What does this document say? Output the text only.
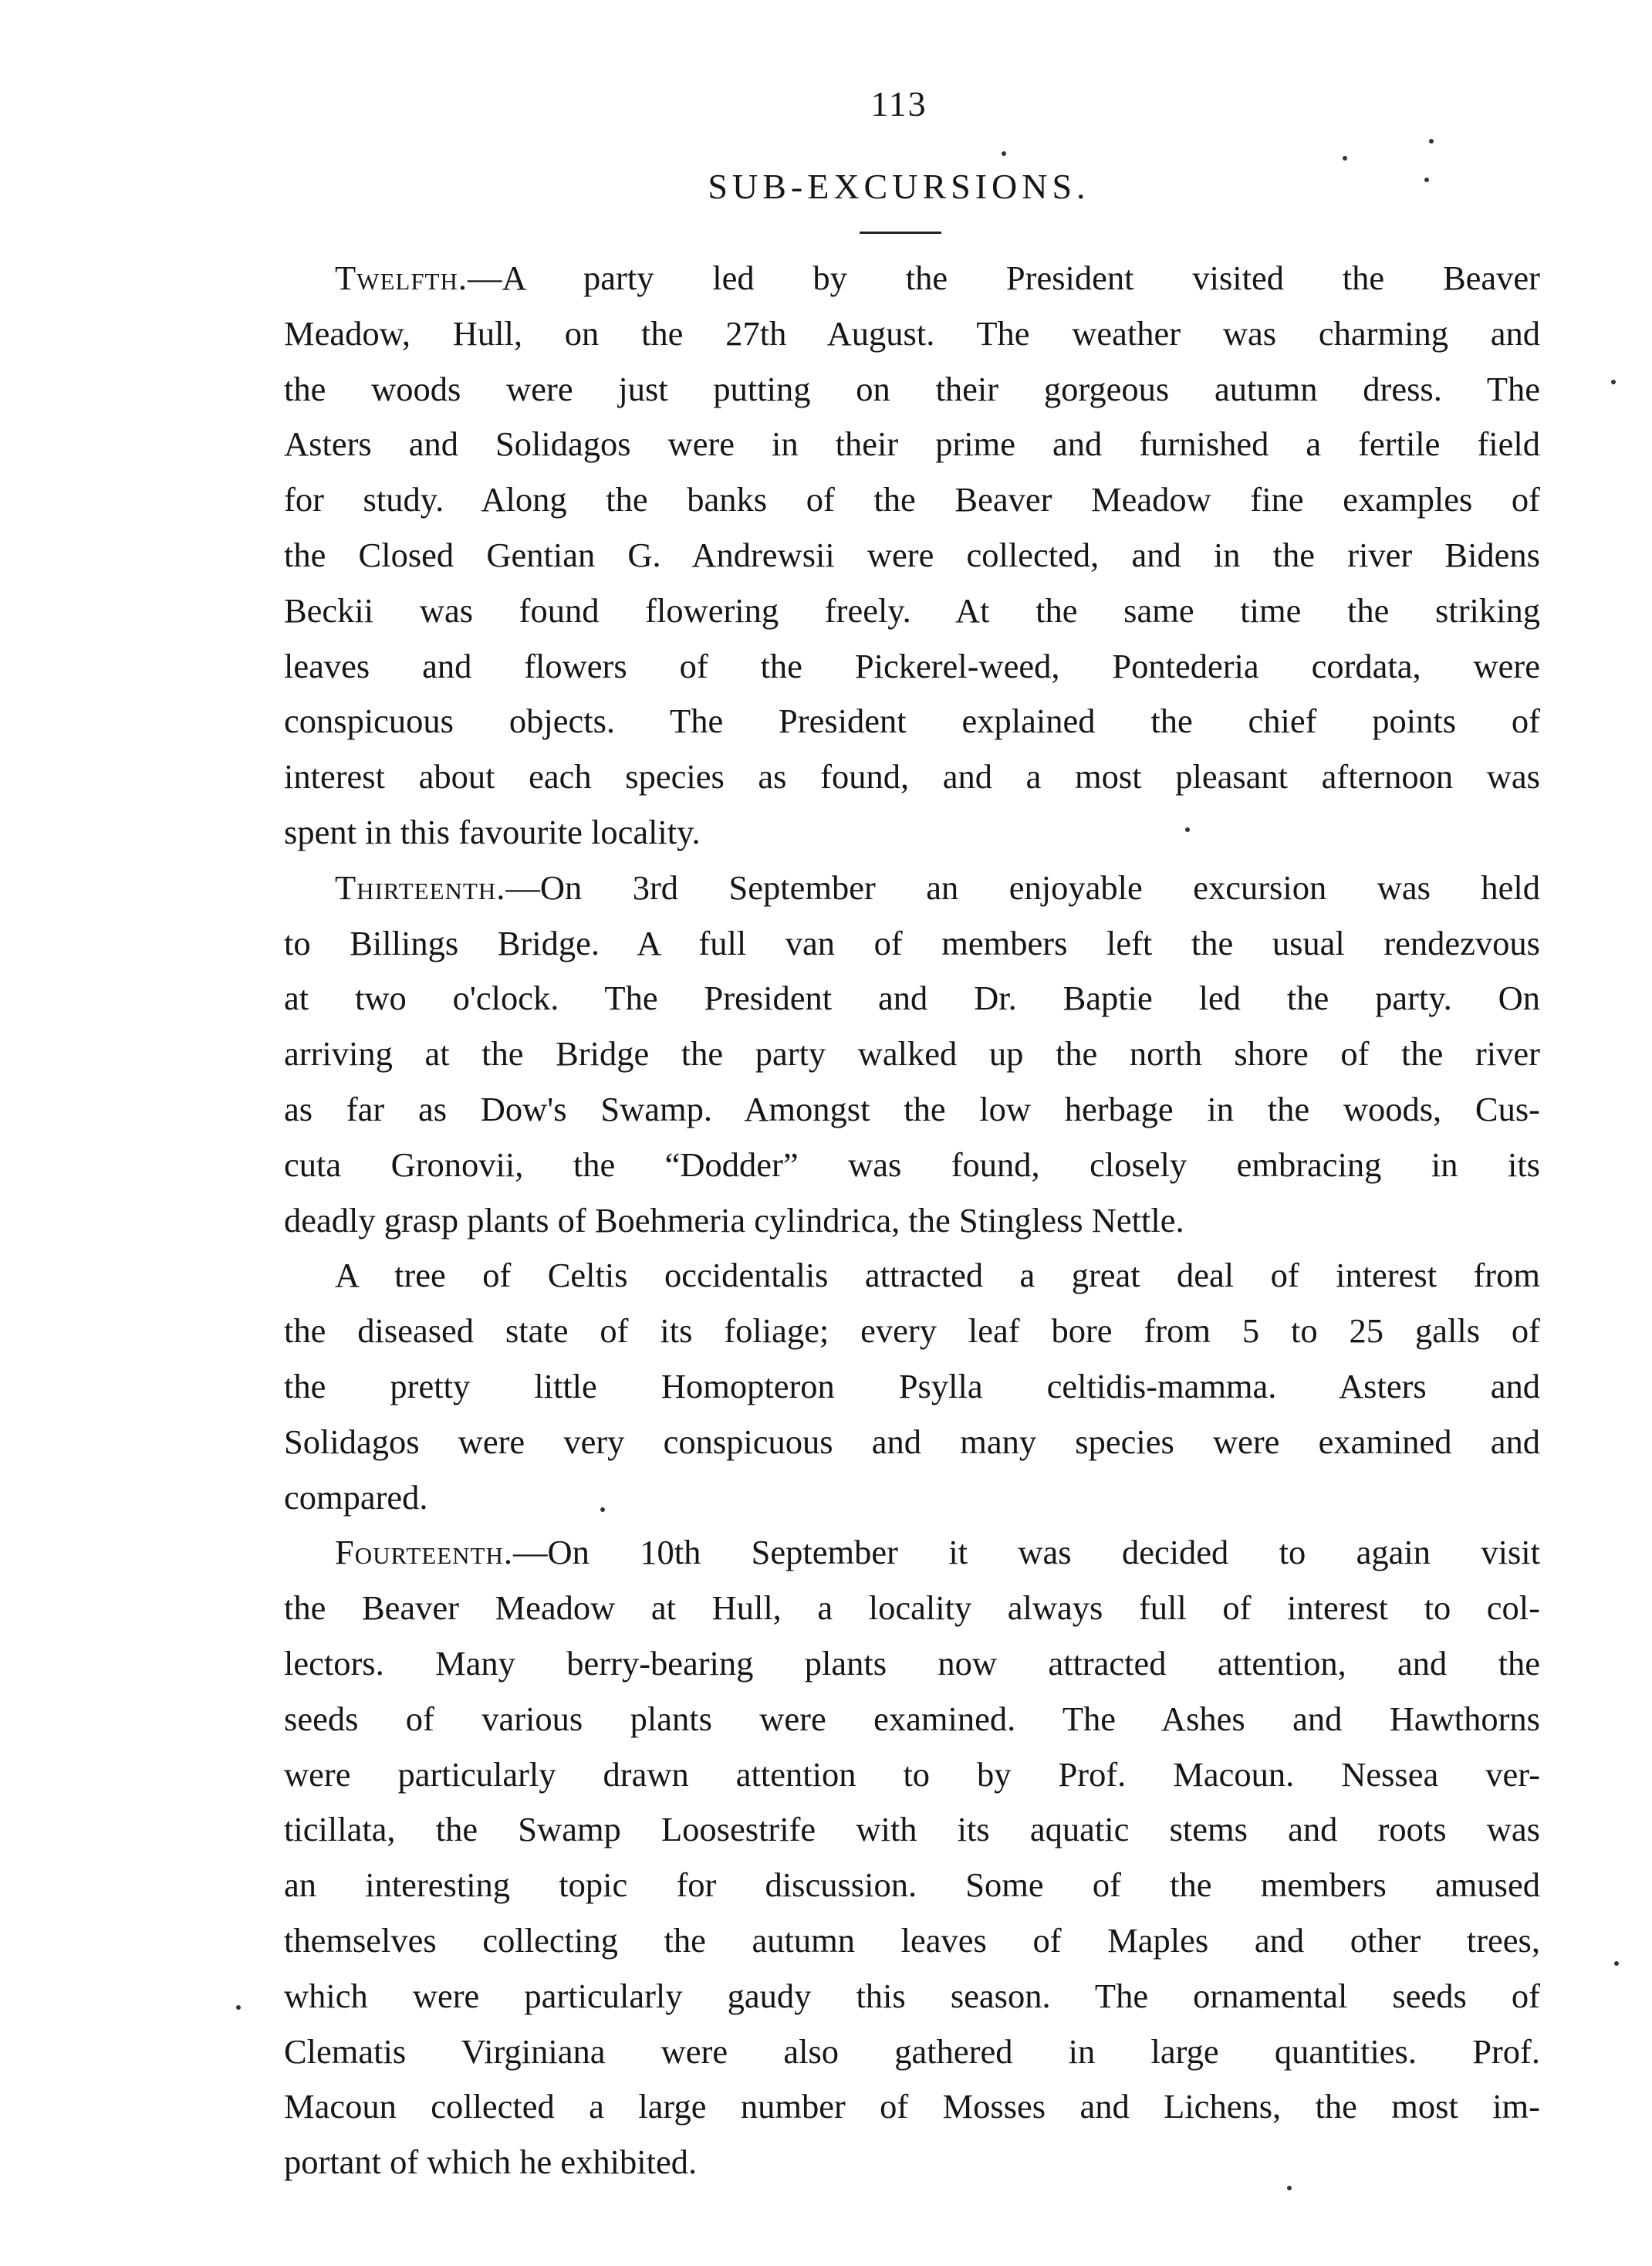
113
SUB-EXCURSIONS.
Twelfth.—A party led by the President visited the Beaver
Meadow, Hull, on the 27th August. The weather was charming and
the woods were just putting on their gorgeous autumn dress. The
Asters and Solidagos were in their prime and furnished a fertile field
for study. Along the banks of the Beaver Meadow fine examples of
the Closed Gentian G. Andrewsii were collected, and in the river Bidens
Beckii was found flowering freely. At the same time the striking
leaves and flowers of the Pickerel-weed, Pontederia cordata, were
conspicuous objects. The President explained the chief points of
interest about each species as found, and a most pleasant afternoon was
spent in this favourite locality.
Thirteenth.—On 3rd September an enjoyable excursion was held
to Billings Bridge. A full van of members left the usual rendezvous
at two o'clock. The President and Dr. Baptie led the party. On
arriving at the Bridge the party walked up the north shore of the river
as far as Dow's Swamp. Amongst the low herbage in the woods, Cus-
cuta Gronovii, the “Dodder” was found, closely embracing in its
deadly grasp plants of Boehmeria cylindrica, the Stingless Nettle.
A tree of Celtis occidentalis attracted a great deal of interest from
the diseased state of its foliage; every leaf bore from 5 to 25 galls of
the pretty little Homopteron Psylla celtidis-mamma. Asters and
Solidagos were very conspicuous and many species were examined and
compared.
Fourteenth.—On 10th September it was decided to again visit
the Beaver Meadow at Hull, a locality always full of interest to col-
lectors. Many berry-bearing plants now attracted attention, and the
seeds of various plants were examined. The Ashes and Hawthorns
were particularly drawn attention to by Prof. Macoun. Nessea ver-
ticillata, the Swamp Loosestrife with its aquatic stems and roots was
an interesting topic for discussion. Some of the members amused
themselves collecting the autumn leaves of Maples and other trees,
which were particularly gaudy this season. The ornamental seeds of
Clematis Virginiana were also gathered in large quantities. Prof.
Macoun collected a large number of Mosses and Lichens, the most im-
portant of which he exhibited.
